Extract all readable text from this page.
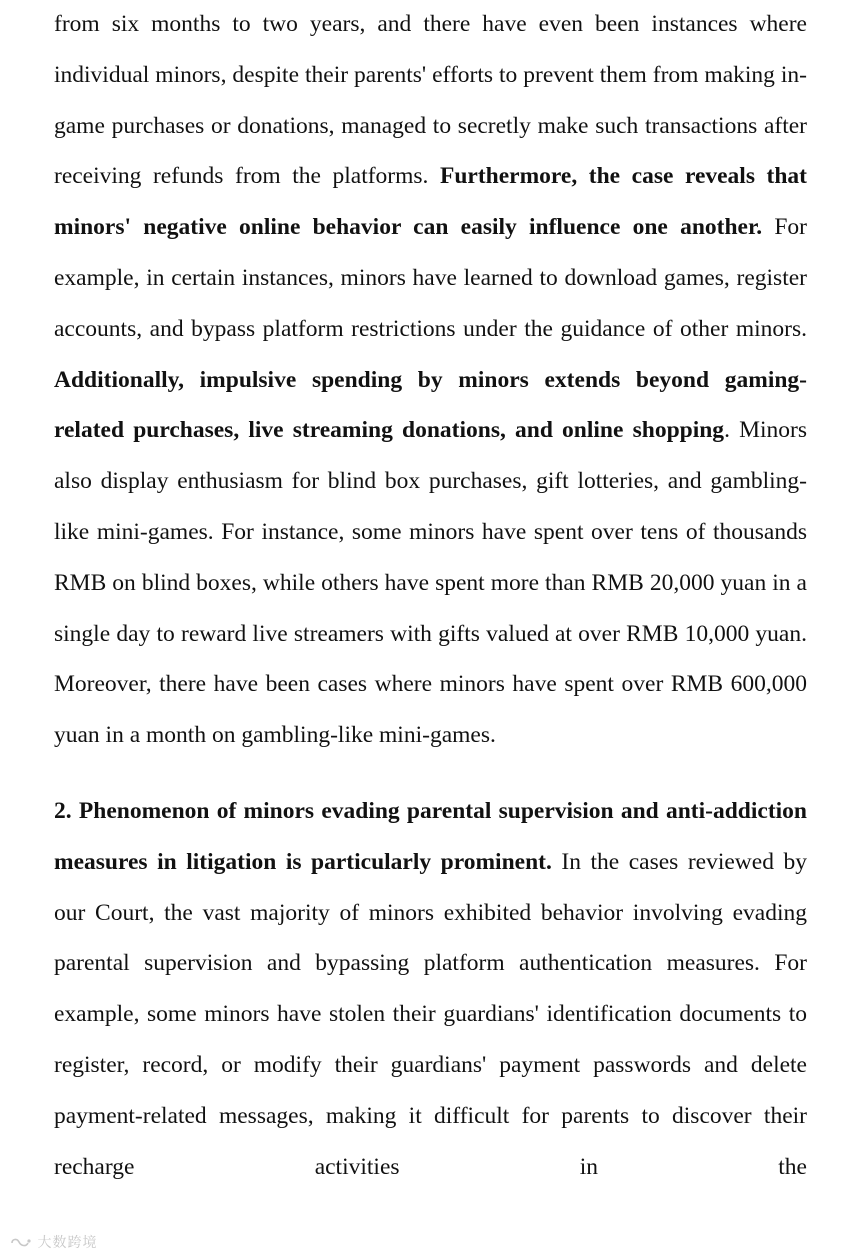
from six months to two years, and there have even been instances where individual minors, despite their parents' efforts to prevent them from making in-game purchases or donations, managed to secretly make such transactions after receiving refunds from the platforms. Furthermore, the case reveals that minors' negative online behavior can easily influence one another. For example, in certain instances, minors have learned to download games, register accounts, and bypass platform restrictions under the guidance of other minors. Additionally, impulsive spending by minors extends beyond gaming-related purchases, live streaming donations, and online shopping. Minors also display enthusiasm for blind box purchases, gift lotteries, and gambling-like mini-games. For instance, some minors have spent over tens of thousands RMB on blind boxes, while others have spent more than RMB 20,000 yuan in a single day to reward live streamers with gifts valued at over RMB 10,000 yuan. Moreover, there have been cases where minors have spent over RMB 600,000 yuan in a month on gambling-like mini-games.

2. Phenomenon of minors evading parental supervision and anti-addiction measures in litigation is particularly prominent. In the cases reviewed by our Court, the vast majority of minors exhibited behavior involving evading parental supervision and bypassing platform authentication measures. For example, some minors have stolen their guardians' identification documents to register, record, or modify their guardians' payment passwords and delete payment-related messages, making it difficult for parents to discover their recharge activities in the

大数跨境
